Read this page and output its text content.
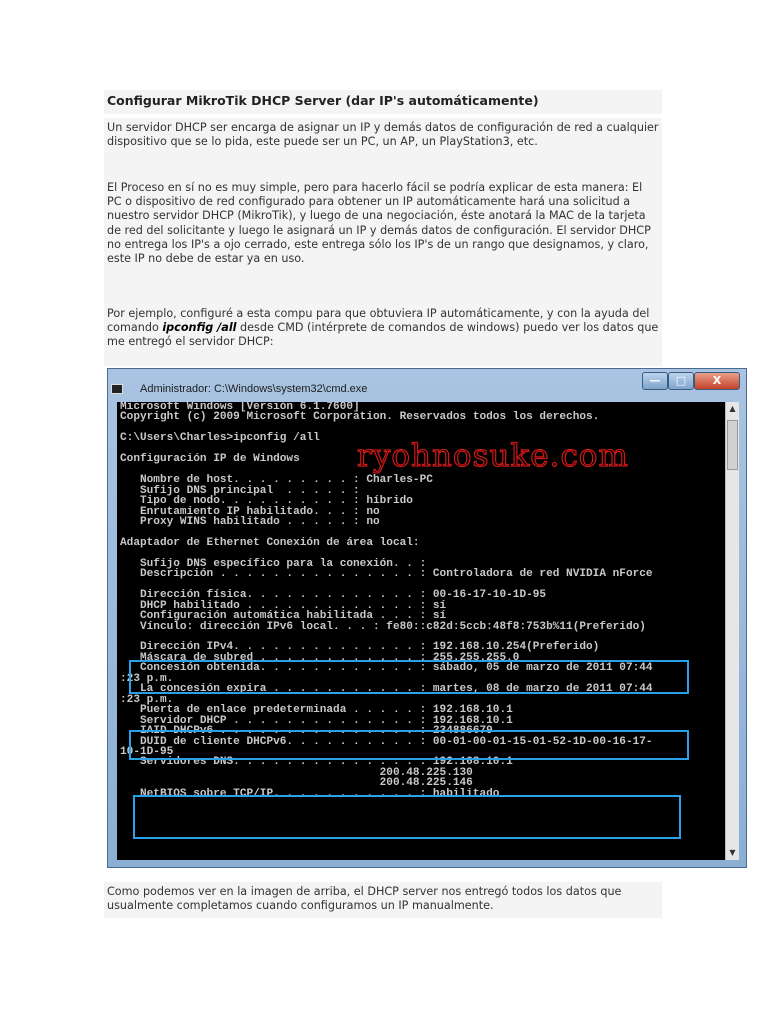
Configurar MikroTik DHCP Server (dar IP's automáticamente)

Un servidor DHCP ser encarga de asignar un IP y demás datos de configuración de red a cualquier dispositivo que se lo pida, este puede ser un PC, un AP, un PlayStation3, etc.

El Proceso en sí no es muy simple, pero para hacerlo fácil se podría explicar de esta manera: El PC o dispositivo de red configurado para obtener un IP automáticamente hará una solicitud a nuestro servidor DHCP (MikroTik), y luego de una negociación, éste anotará la MAC de la tarjeta de red del solicitante y luego le asignará un IP y demás datos de configuración. El servidor DHCP no entrega los IP's a ojo cerrado, este entrega sólo los IP's de un rango que designamos, y claro, este IP no debe de estar ya en uso.

Por ejemplo, configuré a esta compu para que obtuviera IP automáticamente, y con la ayuda del comando ipconfig /all desde CMD (intérprete de comandos de windows) puedo ver los datos que me entregó el servidor DHCP:

Administrador: C:\Windows\system32\cmd.exe
—	□	X
Microsoft Windows [Versión 6.1.7600]
Copyright (c) 2009 Microsoft Corporation. Reservados todos los derechos.

C:\Users\Charles>ipconfig /all

Configuración IP de Windows

Nombre de host. . . . . . . . . : Charles-PC
Sufijo DNS principal  . . . . . :
Tipo de nodo. . . . . . . . . . : híbrido
Enrutamiento IP habilitado. . . : no
Proxy WINS habilitado . . . . . : no

Adaptador de Ethernet Conexión de área local:

Sufijo DNS específico para la conexión. . :
Descripción . . . . . . . . . . . . . . . : Controladora de red NVIDIA nForce

Dirección física. . . . . . . . . . . . . : 00-16-17-10-1D-95
DHCP habilitado . . . . . . . . . . . . . : sí
Configuración automática habilitada . . . : sí
Vínculo: dirección IPv6 local. . . : fe80::c82d:5ccb:48f8:753b%11(Preferido)

Dirección IPv4. . . . . . . . . . . . . . : 192.168.10.254(Preferido)
Máscara de subred . . . . . . . . . . . . : 255.255.255.0
Concesión obtenida. . . . . . . . . . . . : sábado, 05 de marzo de 2011 07:44
:23 p.m.
La concesión expira . . . . . . . . . . . : martes, 08 de marzo de 2011 07:44
:23 p.m.
Puerta de enlace predeterminada . . . . . : 192.168.10.1
Servidor DHCP . . . . . . . . . . . . . . : 192.168.10.1
IAID DHCPv6 . . . . . . . . . . . . . . . : 234886679
DUID de cliente DHCPv6. . . . . . . . . . : 00-01-00-01-15-01-52-1D-00-16-17-
10-1D-95
Servidores DNS. . . . . . . . . . . . . . : 192.168.10.1
200.48.225.130
200.48.225.146
NetBIOS sobre TCP/IP. . . . . . . . . . . : habilitado
ryohnosuke.com
▲
▼

Como podemos ver en la imagen de arriba, el DHCP server nos entregó todos los datos que usualmente completamos cuando configuramos un IP manualmente.
